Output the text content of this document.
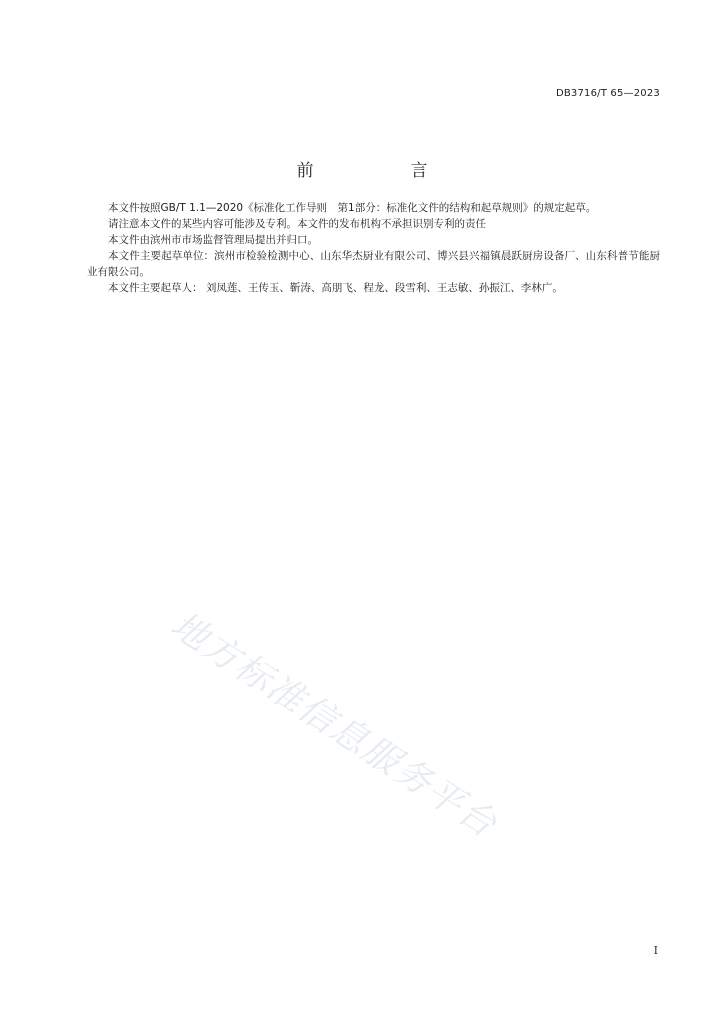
DB3716/T 65—2023
前　言

本文件按照GB/T 1.1—2020《标准化工作导则　第1部分：标准化文件的结构和起草规则》的规定起草。

请注意本文件的某些内容可能涉及专利。本文件的发布机构不承担识别专利的责任

本文件由滨州市市场监督管理局提出并归口。

本文件主要起草单位：滨州市检验检测中心、山东华杰厨业有限公司、博兴县兴福镇晨跃厨房设备厂、山东科普节能厨业有限公司。

本文件主要起草人： 刘凤莲、王传玉、靳涛、高朋飞、程龙、段雪利、王志敏、孙振江、李林广。

地方标准信息服务平台
I
